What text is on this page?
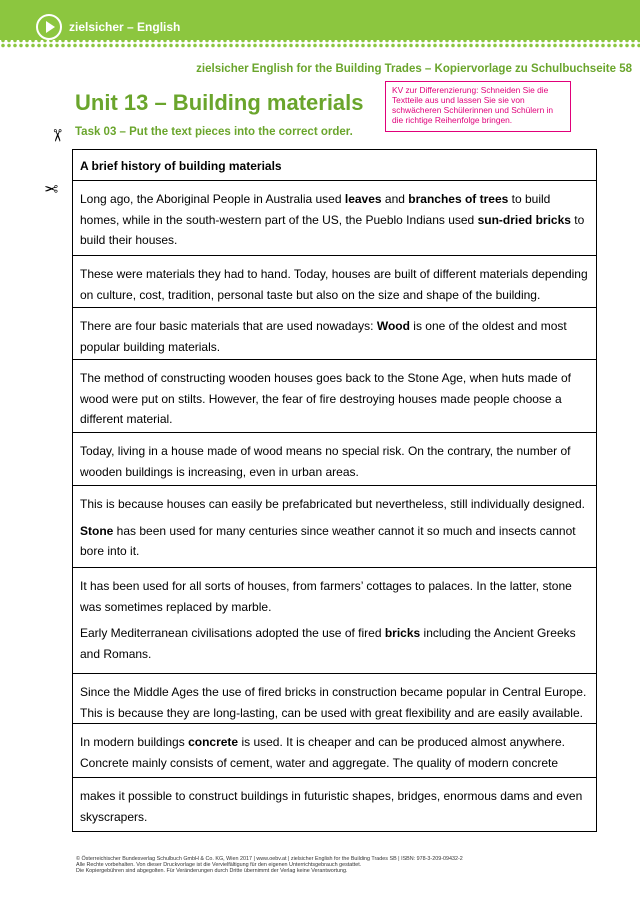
zielsicher – English
zielsicher English for the Building Trades – Kopiervorlage zu Schulbuchseite 58
Unit 13 – Building materials	KV zur Differenzierung: Schneiden Sie die Textteile aus und lassen Sie sie von schwächeren Schülerinnen und Schülern in die richtige Reihenfolge bringen.
✂ Task 03 – Put the text pieces into the correct order.
✂
A brief history of building materials

Long ago, the Aboriginal People in Australia used leaves and branches of trees to build homes, while in the south-western part of the US, the Pueblo Indians used sun-dried bricks to build their houses.

These were materials they had to hand. Today, houses are built of different materials depending on culture, cost, tradition, personal taste but also on the size and shape of the building.

There are four basic materials that are used nowadays: Wood is one of the oldest and most popular building materials.

The method of constructing wooden houses goes back to the Stone Age, when huts made of wood were put on stilts. However, the fear of fire destroying houses made people choose a different material.

Today, living in a house made of wood means no special risk. On the contrary, the number of wooden buildings is increasing, even in urban areas.

This is because houses can easily be prefabricated but nevertheless, still individually designed.

Stone has been used for many centuries since weather cannot it so much and insects cannot bore into it.

It has been used for all sorts of houses, from farmers’ cottages to palaces. In the latter, stone was sometimes replaced by marble.

Early Mediterranean civilisations adopted the use of fired bricks including the Ancient Greeks and Romans.

Since the Middle Ages the use of fired bricks in construction became popular in Central Europe. This is because they are long-lasting, can be used with great flexibility and are easily available.

In modern buildings concrete is used. It is cheaper and can be produced almost anywhere. Concrete mainly consists of cement, water and aggregate. The quality of modern concrete

makes it possible to construct buildings in futuristic shapes, bridges, enormous dams and even skyscrapers.

© Österreichischer Bundesverlag Schulbuch GmbH & Co. KG, Wien 2017 | www.oebv.at | zielsicher English for the Building Trades SB | ISBN: 978-3-209-09432-2
Alle Rechte vorbehalten. Von dieser Druckvorlage ist die Vervielfältigung für den eigenen Unterrichtsgebrauch gestattet.
Die Kopiergebühren sind abgegolten. Für Veränderungen durch Dritte übernimmt der Verlag keine Verantwortung.
